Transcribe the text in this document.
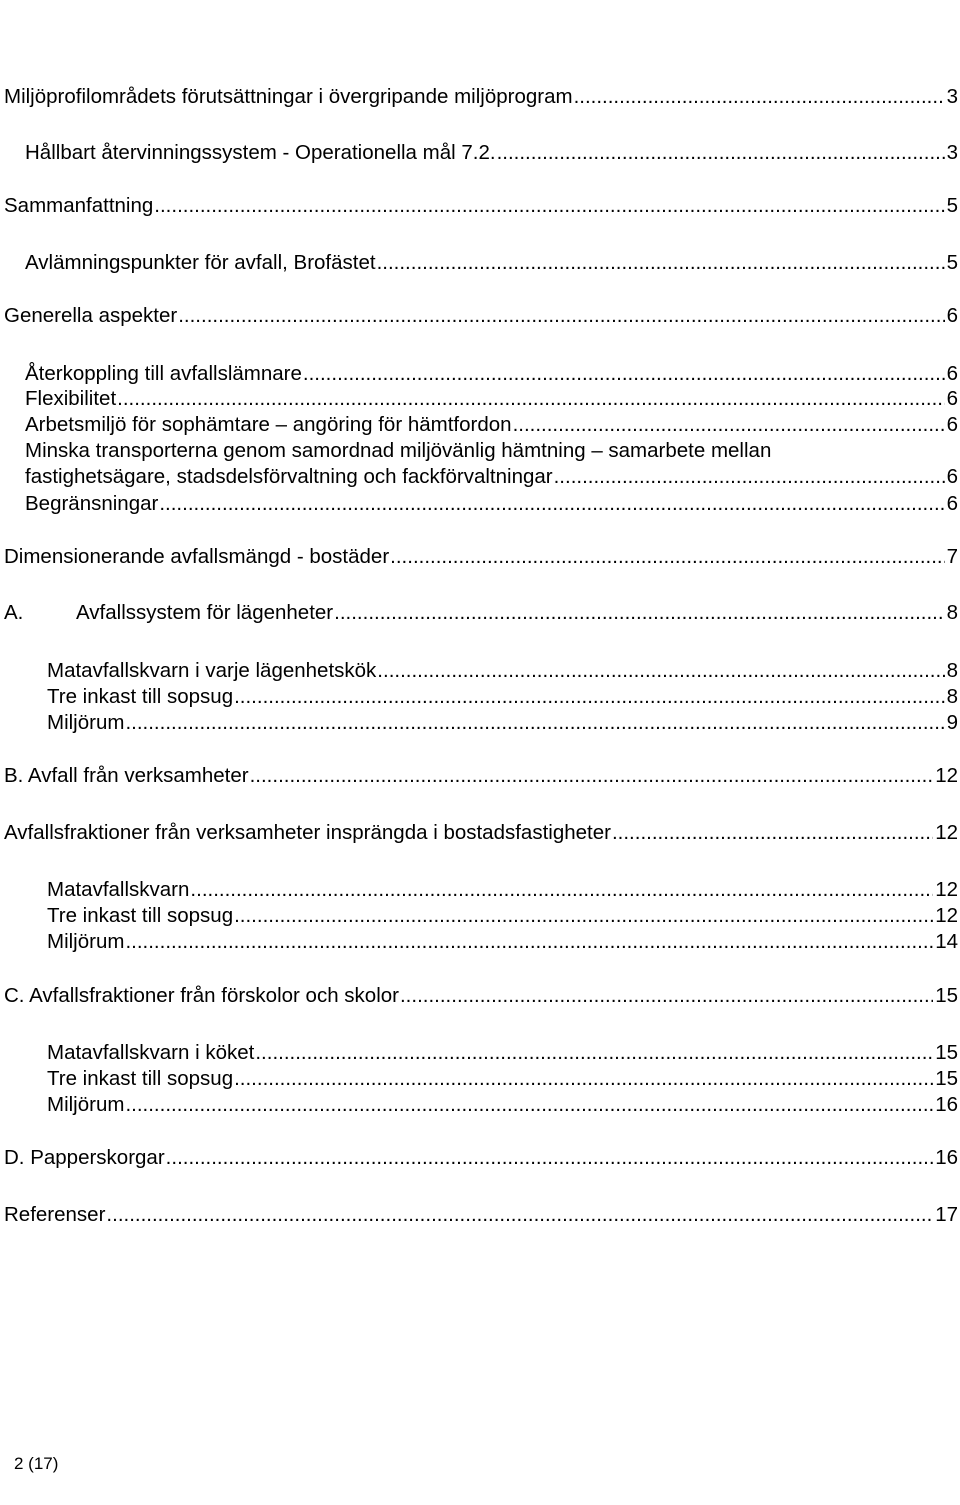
Miljöprofilområdets förutsättningar i övergripande miljöprogram .....	3
Hållbart återvinningssystem - Operationella mål 7.2. .....	3
Sammanfattning .....	5
Avlämningspunkter för avfall, Brofästet .....	5
Generella aspekter .....	6
Återkoppling till avfallslämnare .....	6
Flexibilitet .....	6
Arbetsmiljö för sophämtare – angöring för hämtfordon .....	6
Minska transporterna genom samordnad miljövänlig hämtning – samarbete mellan
fastighetsägare, stadsdelsförvaltning och fackförvaltningar .....	6
Begränsningar .....	6
Dimensionerande avfallsmängd - bostäder .....	7
A.	Avfallssystem för lägenheter .....	8
Matavfallskvarn i varje lägenhetskök .....	8
Tre inkast till sopsug .....	8
Miljörum .....	9
B. Avfall från verksamheter .....	12
Avfallsfraktioner från verksamheter insprängda i bostadsfastigheter .....	12
Matavfallskvarn .....	12
Tre inkast till sopsug .....	12
Miljörum .....	14
C. Avfallsfraktioner från förskolor och skolor .....	15
Matavfallskvarn i köket .....	15
Tre inkast till sopsug .....	15
Miljörum .....	16
D. Papperskorgar .....	16
Referenser .....	17
2 (17)
